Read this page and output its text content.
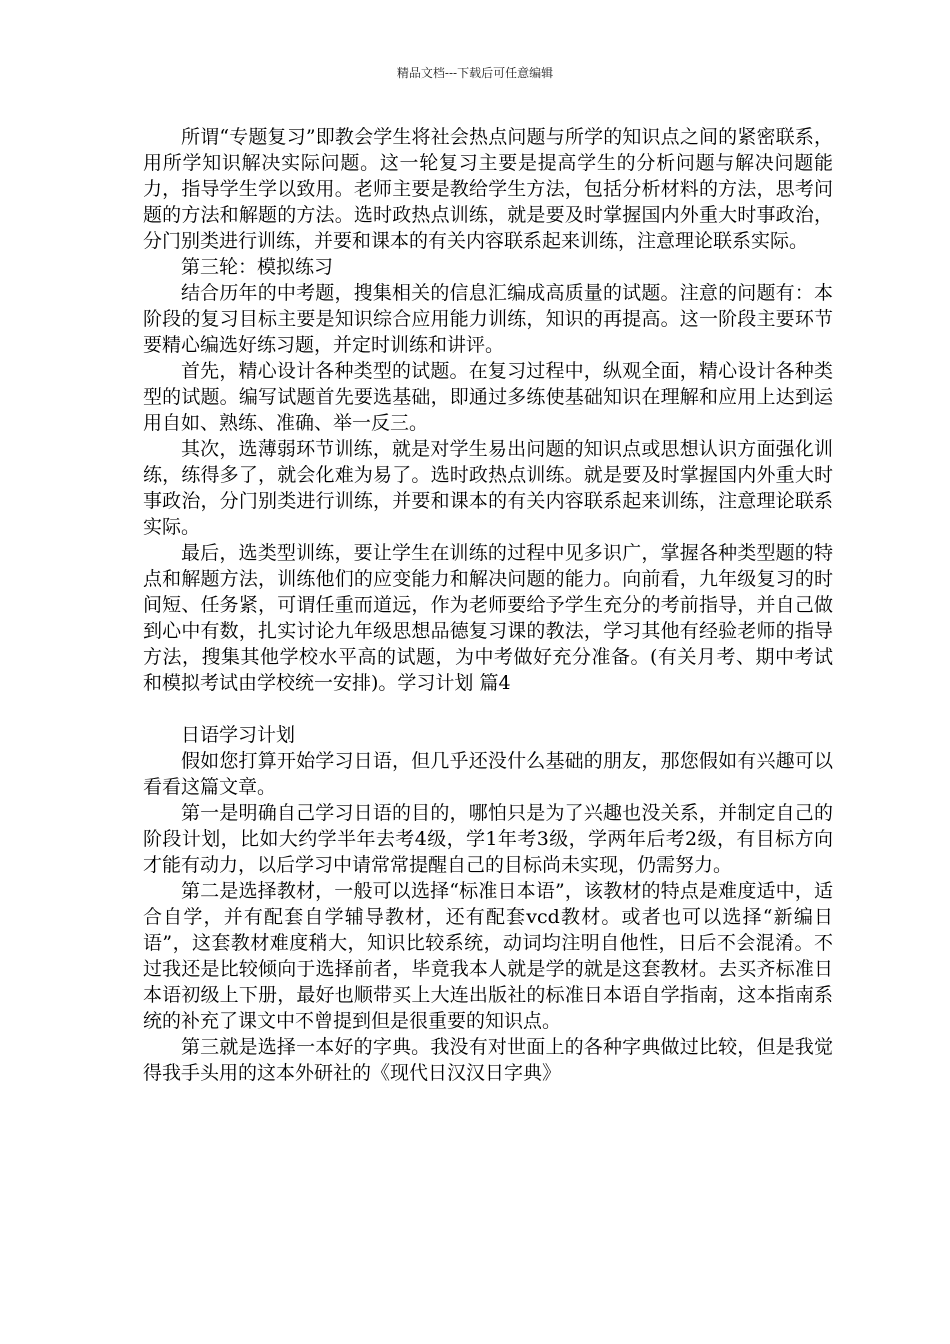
精品文档---下载后可任意编辑

所谓“专题复习”即教会学生将社会热点问题与所学的知识点之间的紧密联系，用所学知识解决实际问题。这一轮复习主要是提高学生的分析问题与解决问题能力，指导学生学以致用。老师主要是教给学生方法，包括分析材料的方法，思考问题的方法和解题的方法。选时政热点训练，就是要及时掌握国内外重大时事政治，分门别类进行训练，并要和课本的有关内容联系起来训练，注意理论联系实际。

第三轮：模拟练习

结合历年的中考题，搜集相关的信息汇编成高质量的试题。注意的问题有：本阶段的复习目标主要是知识综合应用能力训练，知识的再提高。这一阶段主要环节要精心编选好练习题，并定时训练和讲评。

首先，精心设计各种类型的试题。在复习过程中，纵观全面，精心设计各种类型的试题。编写试题首先要选基础，即通过多练使基础知识在理解和应用上达到运用自如、熟练、准确、举一反三。

其次，选薄弱环节训练，就是对学生易出问题的知识点或思想认识方面强化训练，练得多了，就会化难为易了。选时政热点训练。就是要及时掌握国内外重大时事政治，分门别类进行训练，并要和课本的有关内容联系起来训练，注意理论联系实际。

最后，选类型训练，要让学生在训练的过程中见多识广，掌握各种类型题的特点和解题方法，训练他们的应变能力和解决问题的能力。向前看，九年级复习的时间短、任务紧，可谓任重而道远，作为老师要给予学生充分的考前指导，并自己做到心中有数，扎实讨论九年级思想品德复习课的教法，学习其他有经验老师的指导方法，搜集其他学校水平高的试题，为中考做好充分准备。(有关月考、期中考试和模拟考试由学校统一安排)。学习计划 篇4

日语学习计划

假如您打算开始学习日语，但几乎还没什么基础的朋友，那您假如有兴趣可以看看这篇文章。

第一是明确自己学习日语的目的，哪怕只是为了兴趣也没关系，并制定自己的阶段计划，比如大约学半年去考4级，学1年考3级，学两年后考2级，有目标方向才能有动力，以后学习中请常常提醒自己的目标尚未实现，仍需努力。

第二是选择教材，一般可以选择“标准日本语”，该教材的特点是难度适中，适合自学，并有配套自学辅导教材，还有配套vcd教材。或者也可以选择“新编日语”，这套教材难度稍大，知识比较系统，动词均注明自他性，日后不会混淆。不过我还是比较倾向于选择前者，毕竟我本人就是学的就是这套教材。去买齐标准日本语初级上下册，最好也顺带买上大连出版社的标准日本语自学指南，这本指南系统的补充了课文中不曾提到但是很重要的知识点。

第三就是选择一本好的字典。我没有对世面上的各种字典做过比较，但是我觉得我手头用的这本外研社的《现代日汉汉日字典》
